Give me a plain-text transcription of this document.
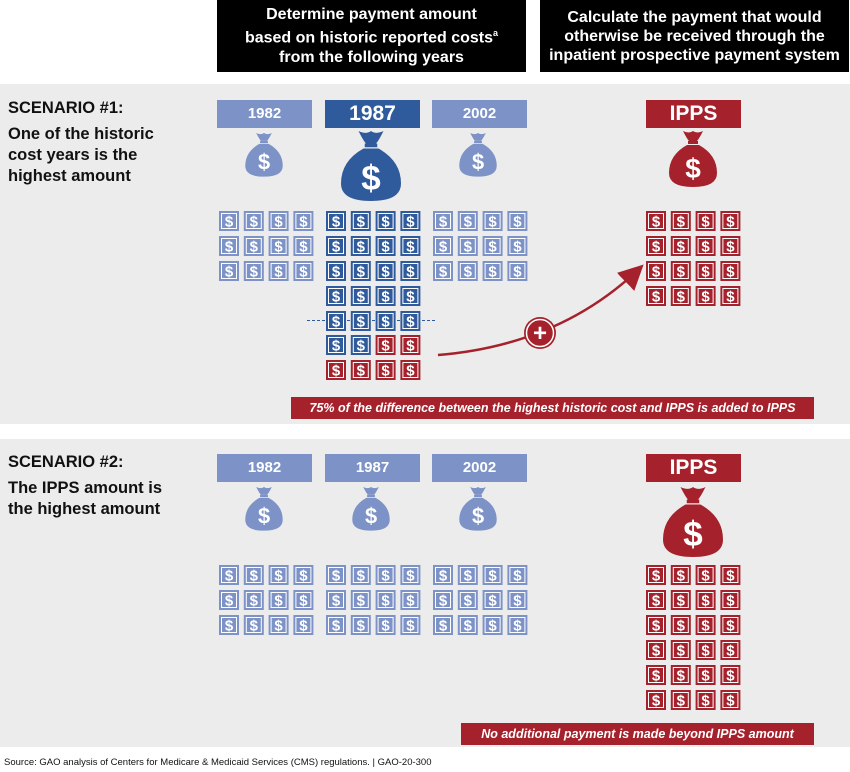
Determine payment amount
based on historic reported costs$^a$
from the following years
Calculate the payment that would
otherwise be received through the
inpatient prospective payment system
SCENARIO #1:
One of the historic
cost years is the
highest amount
1982	1987	2002	IPPS
75% of the difference between the highest historic cost and IPPS is added to IPPS
SCENARIO #2:
The IPPS amount is
the highest amount
1982	1987	2002	IPPS
No additional payment is made beyond IPPS amount
$	$	$	$
$ $ $ $
$ $ $ $
$ $ $ $
$ $ $ $
$ $ $ $
$ $ $ $
$ $ $ $
$ $ $ $
$ $ $ $
$ $ $ $
$ $ $ $
$ $ $ $
$ $ $ $
$ $ $ $
$ $ $ $
$ $ $ $
$ $ $ $
$	$	$	$
$ $ $ $
$ $ $ $
$ $ $ $
$ $ $ $
$ $ $ $
$ $ $ $
$ $ $ $
$ $ $ $
$ $ $ $
$ $ $ $
$ $ $ $
$ $ $ $
$ $ $ $
$ $ $ $
$ $ $ $
+
Source: GAO analysis of Centers for Medicare & Medicaid Services (CMS) regulations. | GAO-20-300
